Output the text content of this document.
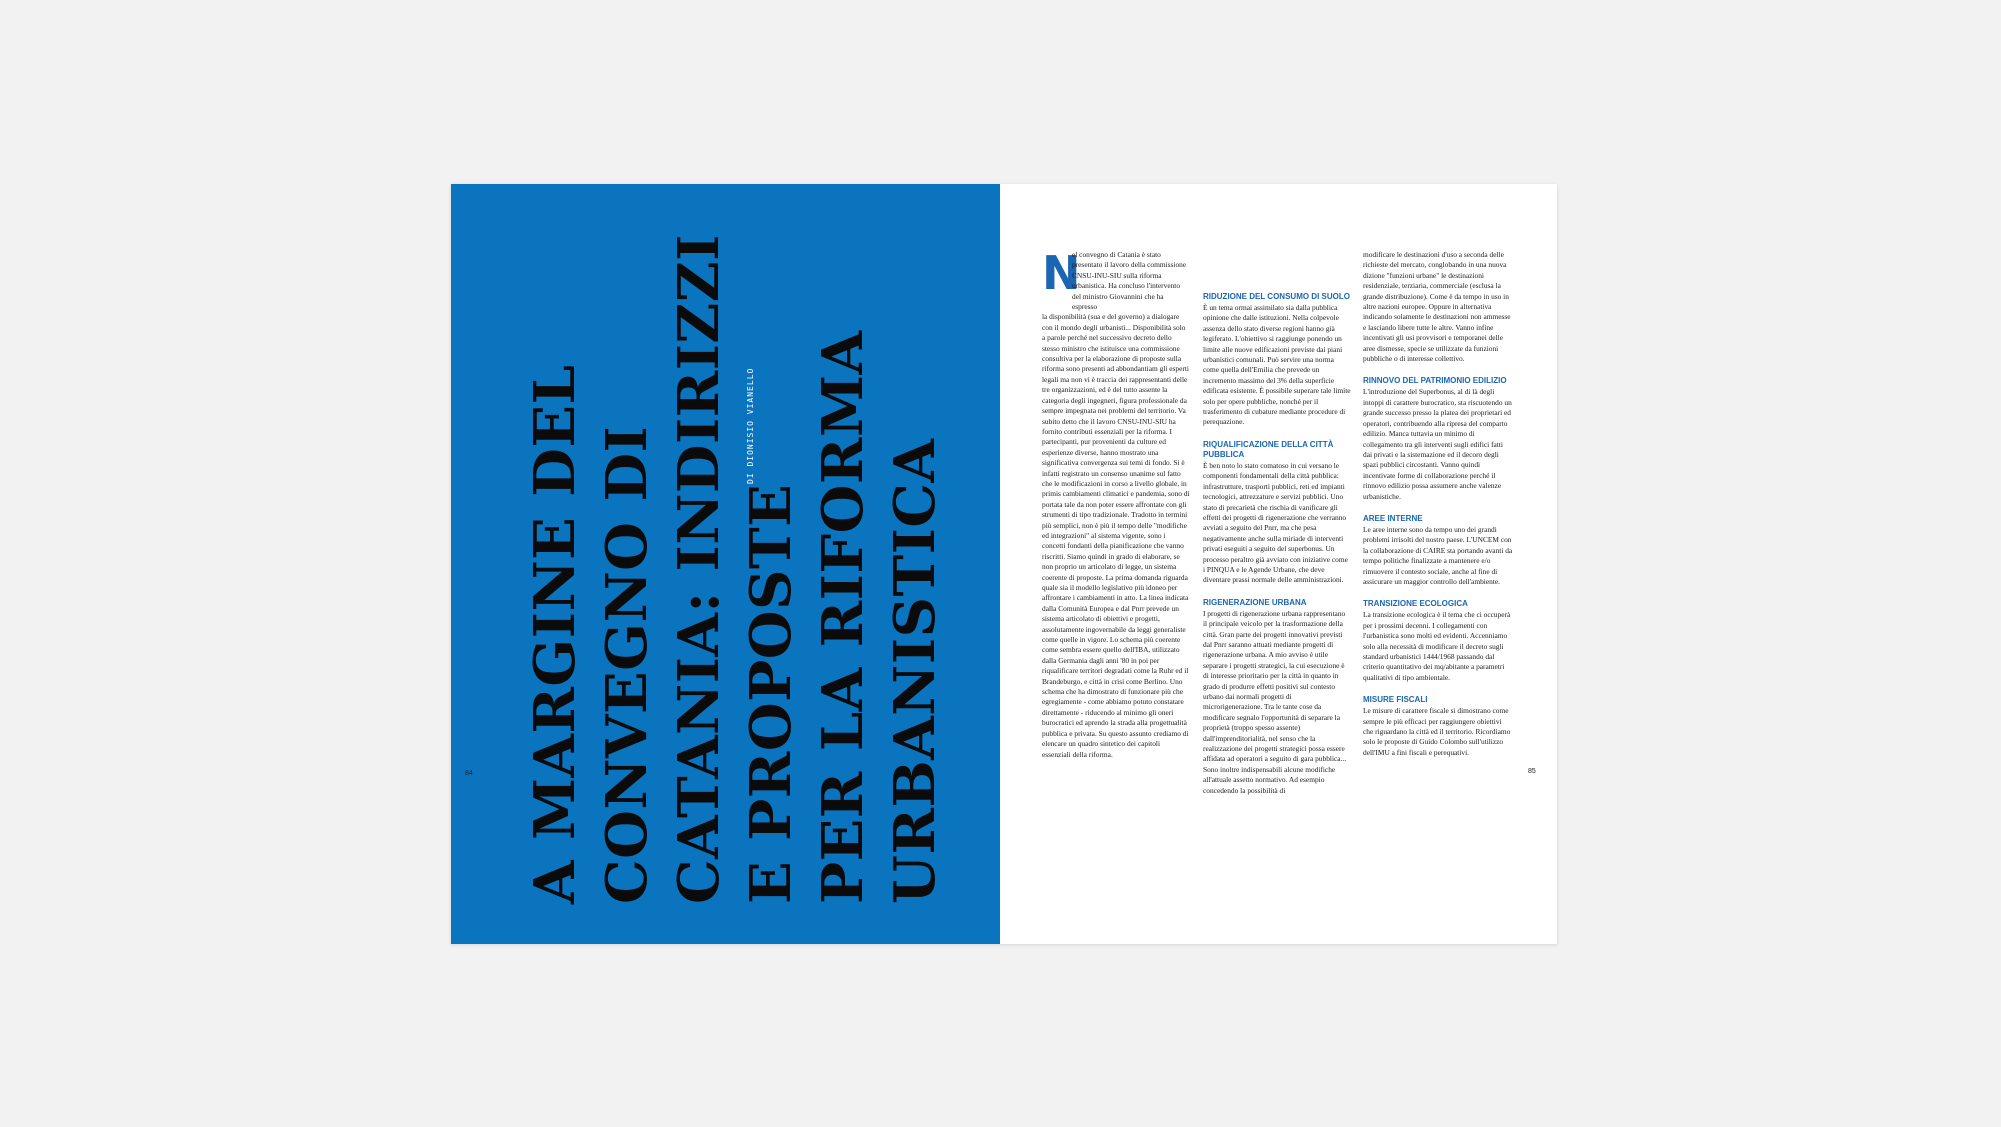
A MARGINE DEL CONVEGNO DI CATANIA: INDIRIZZI E PROPOSTE PER LA RIFORMA URBANISTICA
DI DIONISIO VIANELLO
84
N

el convegno di Catania è stato presentato il lavoro della commissione CNSU-INU-SIU sulla riforma urbanistica. Ha concluso l'intervento del ministro Giovannini che ha espresso

la disponibilità (sua e del governo) a dialogare con il mondo degli urbanisti... Disponibilità solo a parole perché nel successivo decreto dello stesso ministro che istituisce una commissione consultiva per la elaborazione di proposte sulla riforma sono presenti ad abbondantiam gli esperti legali ma non vi è traccia dei rappresentanti delle tre organizzazioni, ed è del tutto assente la categoria degli ingegneri, figura professionale da sempre impegnata nei problemi del territorio. Va subito detto che il lavoro CNSU-INU-SIU ha fornito contributi essenziali per la riforma. I partecipanti, pur provenienti da culture ed esperienze diverse, hanno mostrato una significativa convergenza sui temi di fondo. Si è infatti registrato un consenso unanime sul fatto che le modificazioni in corso a livello globale, in primis cambiamenti climatici e pandemia, sono di portata tale da non poter essere affrontate con gli strumenti di tipo tradizionale. Tradotto in termini più semplici, non è più il tempo delle "modifiche ed integrazioni" al sistema vigente, sono i concetti fondanti della pianificazione che vanno riscritti. Siamo quindi in grado di elaborare, se non proprio un articolato di legge, un sistema coerente di proposte. La prima domanda riguarda quale sia il modello legislativo più idoneo per affrontare i cambiamenti in atto. La linea indicata dalla Comunità Europea e dal Pnrr prevede un sistema articolato di obiettivi e progetti, assolutamente ingovernabile da leggi generaliste come quelle in vigore. Lo schema più coerente come sembra essere quello dell'IBA, utilizzato dalla Germania dagli anni '80 in poi per riqualificare territori degradati come la Ruhr ed il Brandeburgo, e città in crisi come Berlino. Uno schema che ha dimostrato di funzionare più che egregiamente - come abbiamo potuto constatare direttamente - riducendo al minimo gli oneri burocratici ed aprendo la strada alla progettualità pubblica e privata. Su questo assunto crediamo di elencare un quadro sintetico dei capitoli essenziali della riforma.

RIDUZIONE DEL CONSUMO DI SUOLO

È un tema ormai assimilato sia dalla pubblica opinione che dalle istituzioni. Nella colpevole assenza dello stato diverse regioni hanno già legiferato. L'obiettivo si raggiunge ponendo un limite alle nuove edificazioni previste dai piani urbanistici comunali. Può servire una norma come quella dell'Emilia che prevede un incremento massimo del 3% della superficie edificata esistente. È possibile superare tale limite solo per opere pubbliche, nonché per il trasferimento di cubature mediante procedure di perequazione.

RIQUALIFICAZIONE DELLA CITTÀ PUBBLICA

È ben noto lo stato comatoso in cui versano le componenti fondamentali della città pubblica: infrastrutture, trasporti pubblici, reti ed impianti tecnologici, attrezzature e servizi pubblici. Uno stato di precarietà che rischia di vanificare gli effetti dei progetti di rigenerazione che verranno avviati a seguito del Pnrr, ma che pesa negativamente anche sulla miriade di interventi privati eseguiti a seguito del superbonus. Un processo peraltro già avviato con iniziative come i PINQUA e le Agende Urbane, che deve diventare prassi normale delle amministrazioni.

RIGENERAZIONE URBANA

I progetti di rigenerazione urbana rappresentano il principale veicolo per la trasformazione della città. Gran parte dei progetti innovativi previsti dal Pnrr saranno attuati mediante progetti di rigenerazione urbana. A mio avviso è utile separare i progetti strategici, la cui esecuzione è di interesse prioritario per la città in quanto in grado di produrre effetti positivi sul contesto urbano dai normali progetti di microrigenerazione. Tra le tante cose da modificare segnalo l'opportunità di separare la proprietà (troppo spesso assente) dall'imprenditorialità, nel senso che la realizzazione dei progetti strategici possa essere affidata ad operatori a seguito di gara pubblica... Sono inoltre indispensabili alcune modifiche all'attuale assetto normativo. Ad esempio concedendo la possibilità di

modificare le destinazioni d'uso a seconda delle richieste del mercato, conglobando in una nuova dizione "funzioni urbane" le destinazioni residenziale, terziaria, commerciale (esclusa la grande distribuzione). Come è da tempo in uso in altre nazioni europee. Oppure in alternativa indicando solamente le destinazioni non ammesse e lasciando libere tutte le altre. Vanno infine incentivati gli usi provvisori e temporanei delle aree dismesse, specie se utilizzate da funzioni pubbliche o di interesse collettivo.

RINNOVO DEL PATRIMONIO EDILIZIO

L'introduzione del Superbonus, al di là degli intoppi di carattere burocratico, sta riscuotendo un grande successo presso la platea dei proprietari ed operatori, contribuendo alla ripresa del comparto edilizio. Manca tuttavia un minimo di collegamento tra gli interventi sugli edifici fatti dai privati e la sistemazione ed il decoro degli spazi pubblici circostanti. Vanno quindi incentivate forme di collaborazione perché il rinnovo edilizio possa assumere anche valenze urbanistiche.

AREE INTERNE

Le aree interne sono da tempo uno dei grandi problemi irrisolti del nostro paese. L'UNCEM con la collaborazione di CAIRE sta portando avanti da tempo politiche finalizzate a mantenere e/o rimuovere il contesto sociale, anche al fine di assicurare un maggior controllo dell'ambiente.

TRANSIZIONE ECOLOGICA

La transizione ecologica è il tema che ci occuperà per i prossimi decenni. I collegamenti con l'urbanistica sono molti ed evidenti. Accenniamo solo alla necessità di modificare il decreto sugli standard urbanistici 1444/1968 passando dal criterio quantitativo dei mq/abitante a parametri qualitativi di tipo ambientale.

MISURE FISCALI

Le misure di carattere fiscale si dimostrano come sempre le più efficaci per raggiungere obiettivi che riguardano la città ed il territorio. Ricordiamo solo le proposte di Guido Colombo sull'utilizzo dell'IMU a fini fiscali e perequativi.

85
